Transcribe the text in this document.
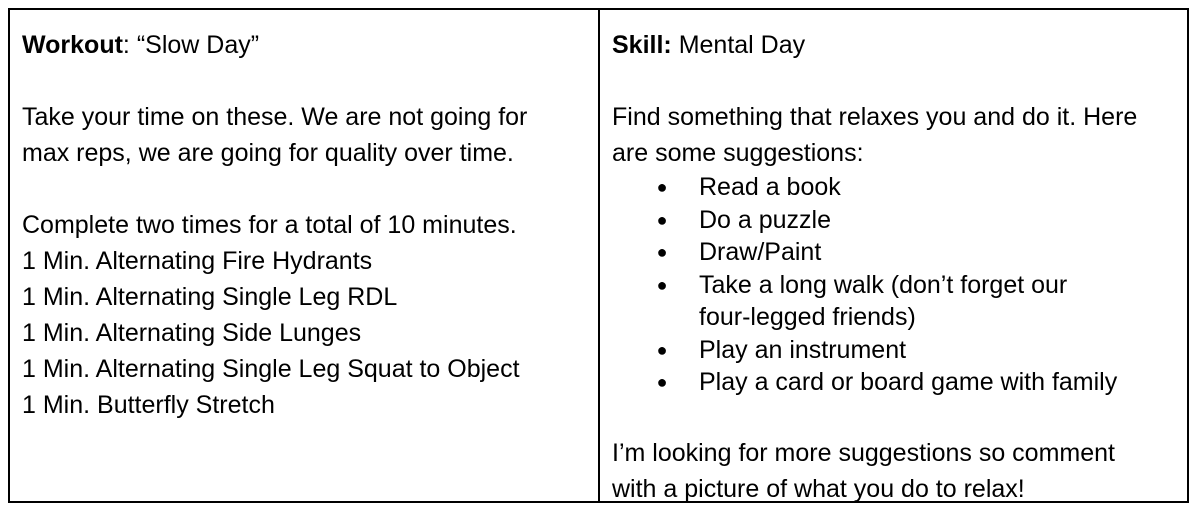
Workout: “Slow Day”
Take your time on these. We are not going for
max reps, we are going for quality over time.
Complete two times for a total of 10 minutes.
1 Min. Alternating Fire Hydrants
1 Min. Alternating Single Leg RDL
1 Min. Alternating Side Lunges
1 Min. Alternating Single Leg Squat to Object
1 Min. Butterfly Stretch
Skill: Mental Day
Find something that relaxes you and do it. Here
are some suggestions:
● Read a book
● Do a puzzle
● Draw/Paint
● Take a long walk (don’t forget our
four-legged friends)
● Play an instrument
● Play a card or board game with family
I’m looking for more suggestions so comment
with a picture of what you do to relax!
